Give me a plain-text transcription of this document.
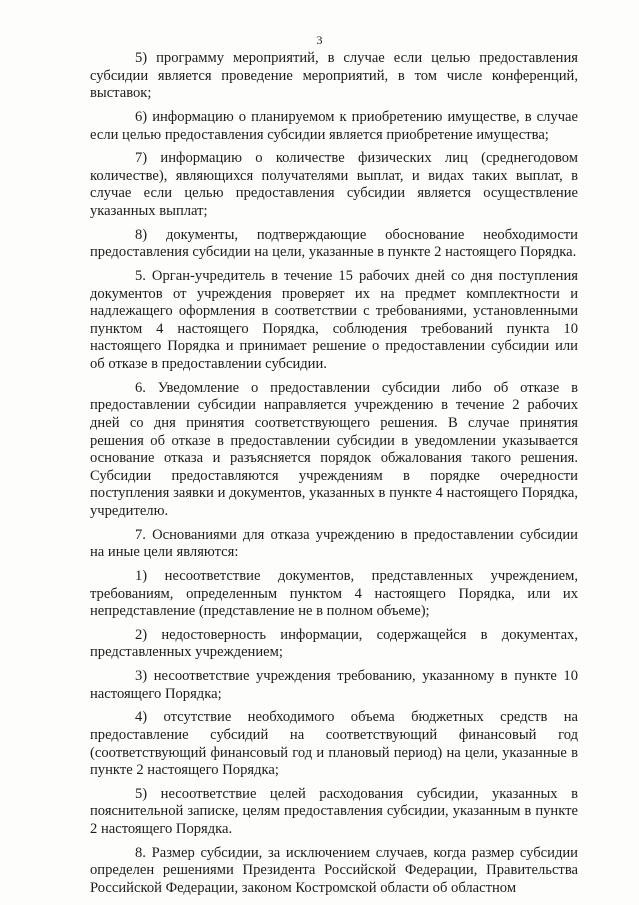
3

5) программу мероприятий, в случае если целью предоставления субсидии является проведение мероприятий, в том числе конференций, выставок;

6) информацию о планируемом к приобретению имуществе, в случае если целью предоставления субсидии является приобретение имущества;

7) информацию о количестве физических лиц (среднегодовом количестве), являющихся получателями выплат, и видах таких выплат, в случае если целью предоставления субсидии является осуществление указанных выплат;

8) документы, подтверждающие обоснование необходимости предоставления субсидии на цели, указанные в пункте 2 настоящего Порядка.

5. Орган-учредитель в течение 15 рабочих дней со дня поступления документов от учреждения проверяет их на предмет комплектности и надлежащего оформления в соответствии с требованиями, установленными пунктом 4 настоящего Порядка, соблюдения требований пункта 10 настоящего Порядка и принимает решение о предоставлении субсидии или об отказе в предоставлении субсидии.

6. Уведомление о предоставлении субсидии либо об отказе в предоставлении субсидии направляется учреждению в течение 2 рабочих дней со дня принятия соответствующего решения. В случае принятия решения об отказе в предоставлении субсидии в уведомлении указывается основание отказа и разъясняется порядок обжалования такого решения. Субсидии предоставляются учреждениям в порядке очередности поступления заявки и документов, указанных в пункте 4 настоящего Порядка, учредителю.

7. Основаниями для отказа учреждению в предоставлении субсидии на иные цели являются:

1) несоответствие документов, представленных учреждением, требованиям, определенным пунктом 4 настоящего Порядка, или их непредставление (представление не в полном объеме);

2) недостоверность информации, содержащейся в документах, представленных учреждением;

3) несоответствие учреждения требованию, указанному в пункте 10 настоящего Порядка;

4) отсутствие необходимого объема бюджетных средств на предоставление субсидий на соответствующий финансовый год (соответствующий финансовый год и плановый период) на цели, указанные в пункте 2 настоящего Порядка;

5) несоответствие целей расходования субсидии, указанных в пояснительной записке, целям предоставления субсидии, указанным в пункте 2 настоящего Порядка.

8. Размер субсидии, за исключением случаев, когда размер субсидии определен решениями Президента Российской Федерации, Правительства Российской Федерации, законом Костромской области об областном
